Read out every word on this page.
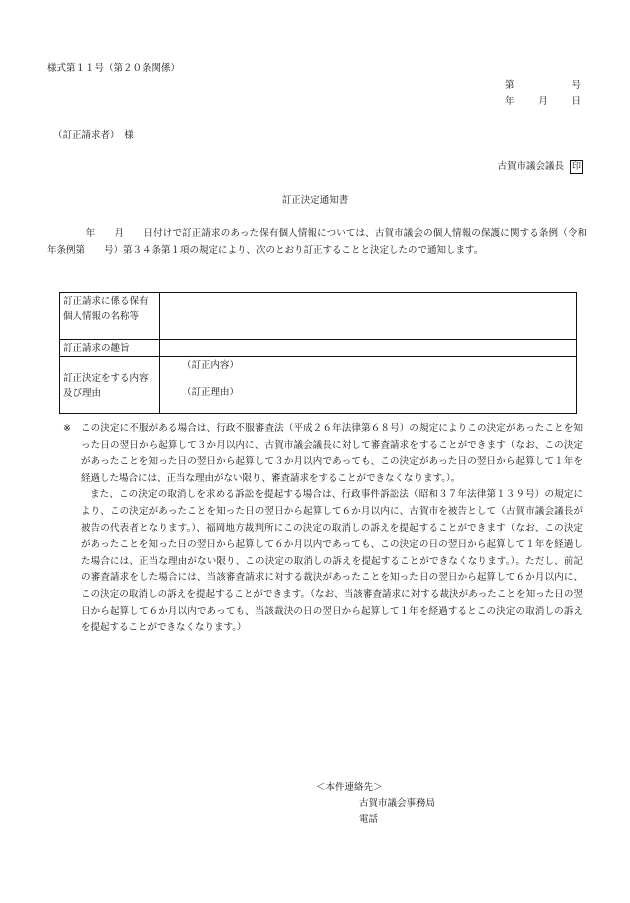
様式第１１号（第２０条関係）
第	号
年 月 日
（訂正請求者）　様
古賀市議会議長 印
訂正決定通知書
　　　　年　　月　　日付けで訂正請求のあった保有個人情報については、古賀市議会の個人情報の保護に関する条例（令和　　年条例第　　号）第３４条第１項の規定により、次のとおり訂正することと決定したので通知します。
訂正請求に係る保有個人情報の名称等	
訂正請求の趣旨	
訂正決定をする内容及び理由	（訂正内容）
（訂正理由）
※	この決定に不服がある場合は、行政不服審査法（平成２６年法律第６８号）の規定によりこの決定があったことを知った日の翌日から起算して３か月以内に、古賀市議会議長に対して審査請求をすることができます（なお、この決定があったことを知った日の翌日から起算して３か月以内であっても、この決定があった日の翌日から起算して１年を経過した場合には、正当な理由がない限り、審査請求をすることができなくなります。）。
また、この決定の取消しを求める訴訟を提起する場合は、行政事件訴訟法（昭和３７年法律第１３９号）の規定により、この決定があったことを知った日の翌日から起算して６か月以内に、古賀市を被告として（古賀市議会議長が被告の代表者となります。）、福岡地方裁判所にこの決定の取消しの訴えを提起することができます（なお、この決定があったことを知った日の翌日から起算して６か月以内であっても、この決定の日の翌日から起算して１年を経過した場合には、正当な理由がない限り、この決定の取消しの訴えを提起することができなくなります。）。ただし、前記の審査請求をした場合には、当該審査請求に対する裁決があったことを知った日の翌日から起算して６か月以内に、この決定の取消しの訴えを提起することができます。（なお、当該審査請求に対する裁決があったことを知った日の翌日から起算して６か月以内であっても、当該裁決の日の翌日から起算して１年を経過するとこの決定の取消しの訴えを提起することができなくなります。）
＜本件連絡先＞
古賀市議会事務局
電話
